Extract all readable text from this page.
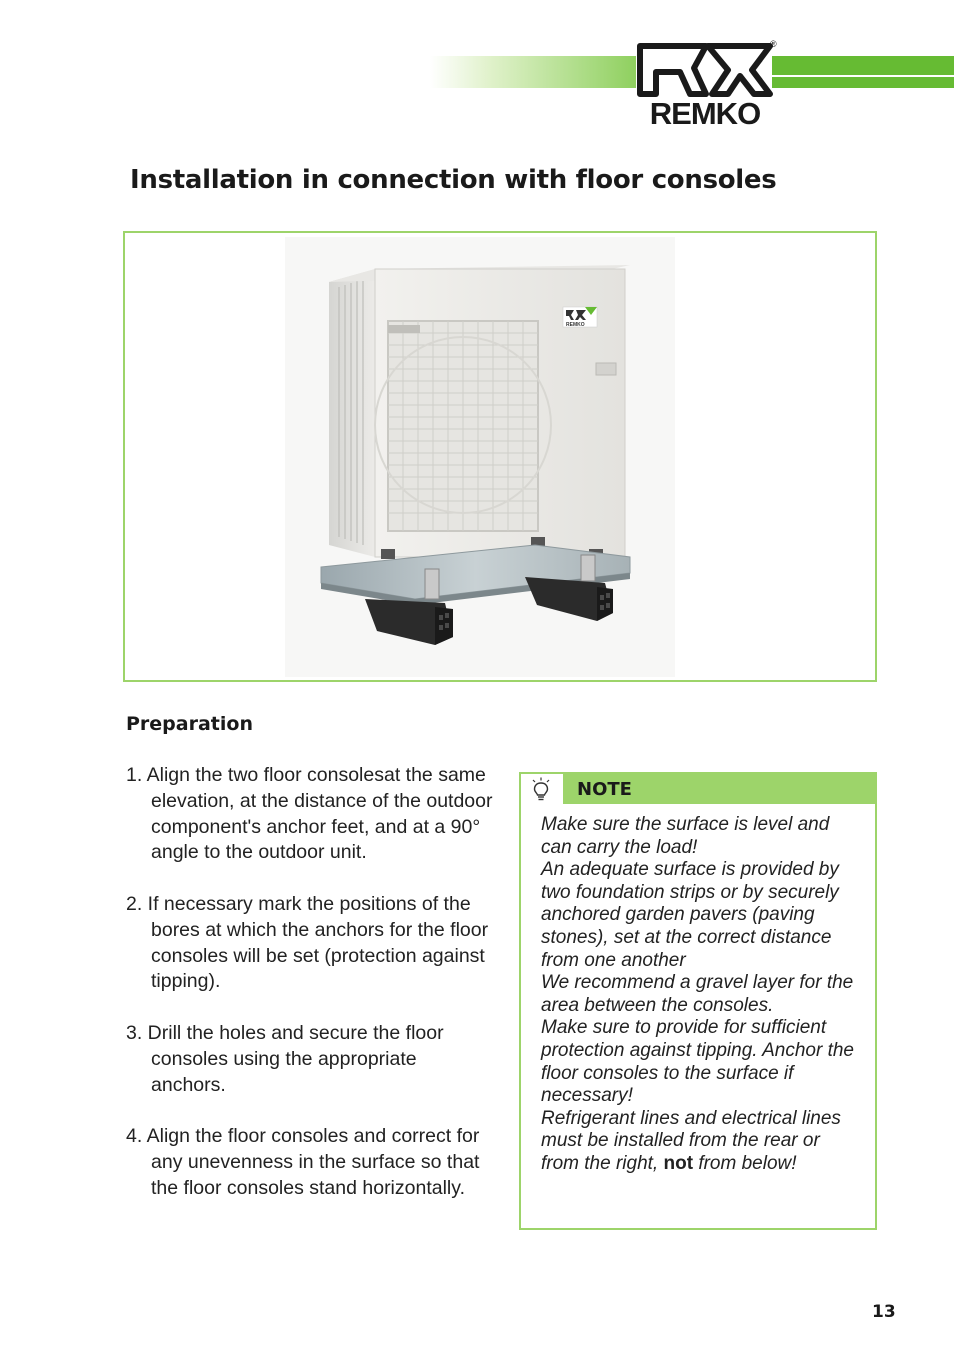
REMKO
®
Installation in connection with floor consoles
REMKO
Preparation
1. Align the two floor consolesat the same elevation, at the distance of the outdoor component's anchor feet, and at a 90° angle to the outdoor unit.
2. If necessary mark the positions of the bores at which the anchors for the floor consoles will be set (protection against tipping).
3. Drill the holes and secure the floor consoles using the appropriate anchors.
4. Align the floor consoles and correct for any unevenness in the surface so that the floor consoles stand horizontally.
NOTE

Make sure the surface is level and can carry the load!

An adequate surface is provided by two foundation strips or by securely anchored garden pavers (paving stones), set at the correct distance from one another

We recommend a gravel layer for the area between the consoles.

Make sure to provide for sufficient protection against tipping. Anchor the floor consoles to the surface if necessary!

Refrigerant lines and electrical lines must be installed from the rear or from the right, not from below!

13
